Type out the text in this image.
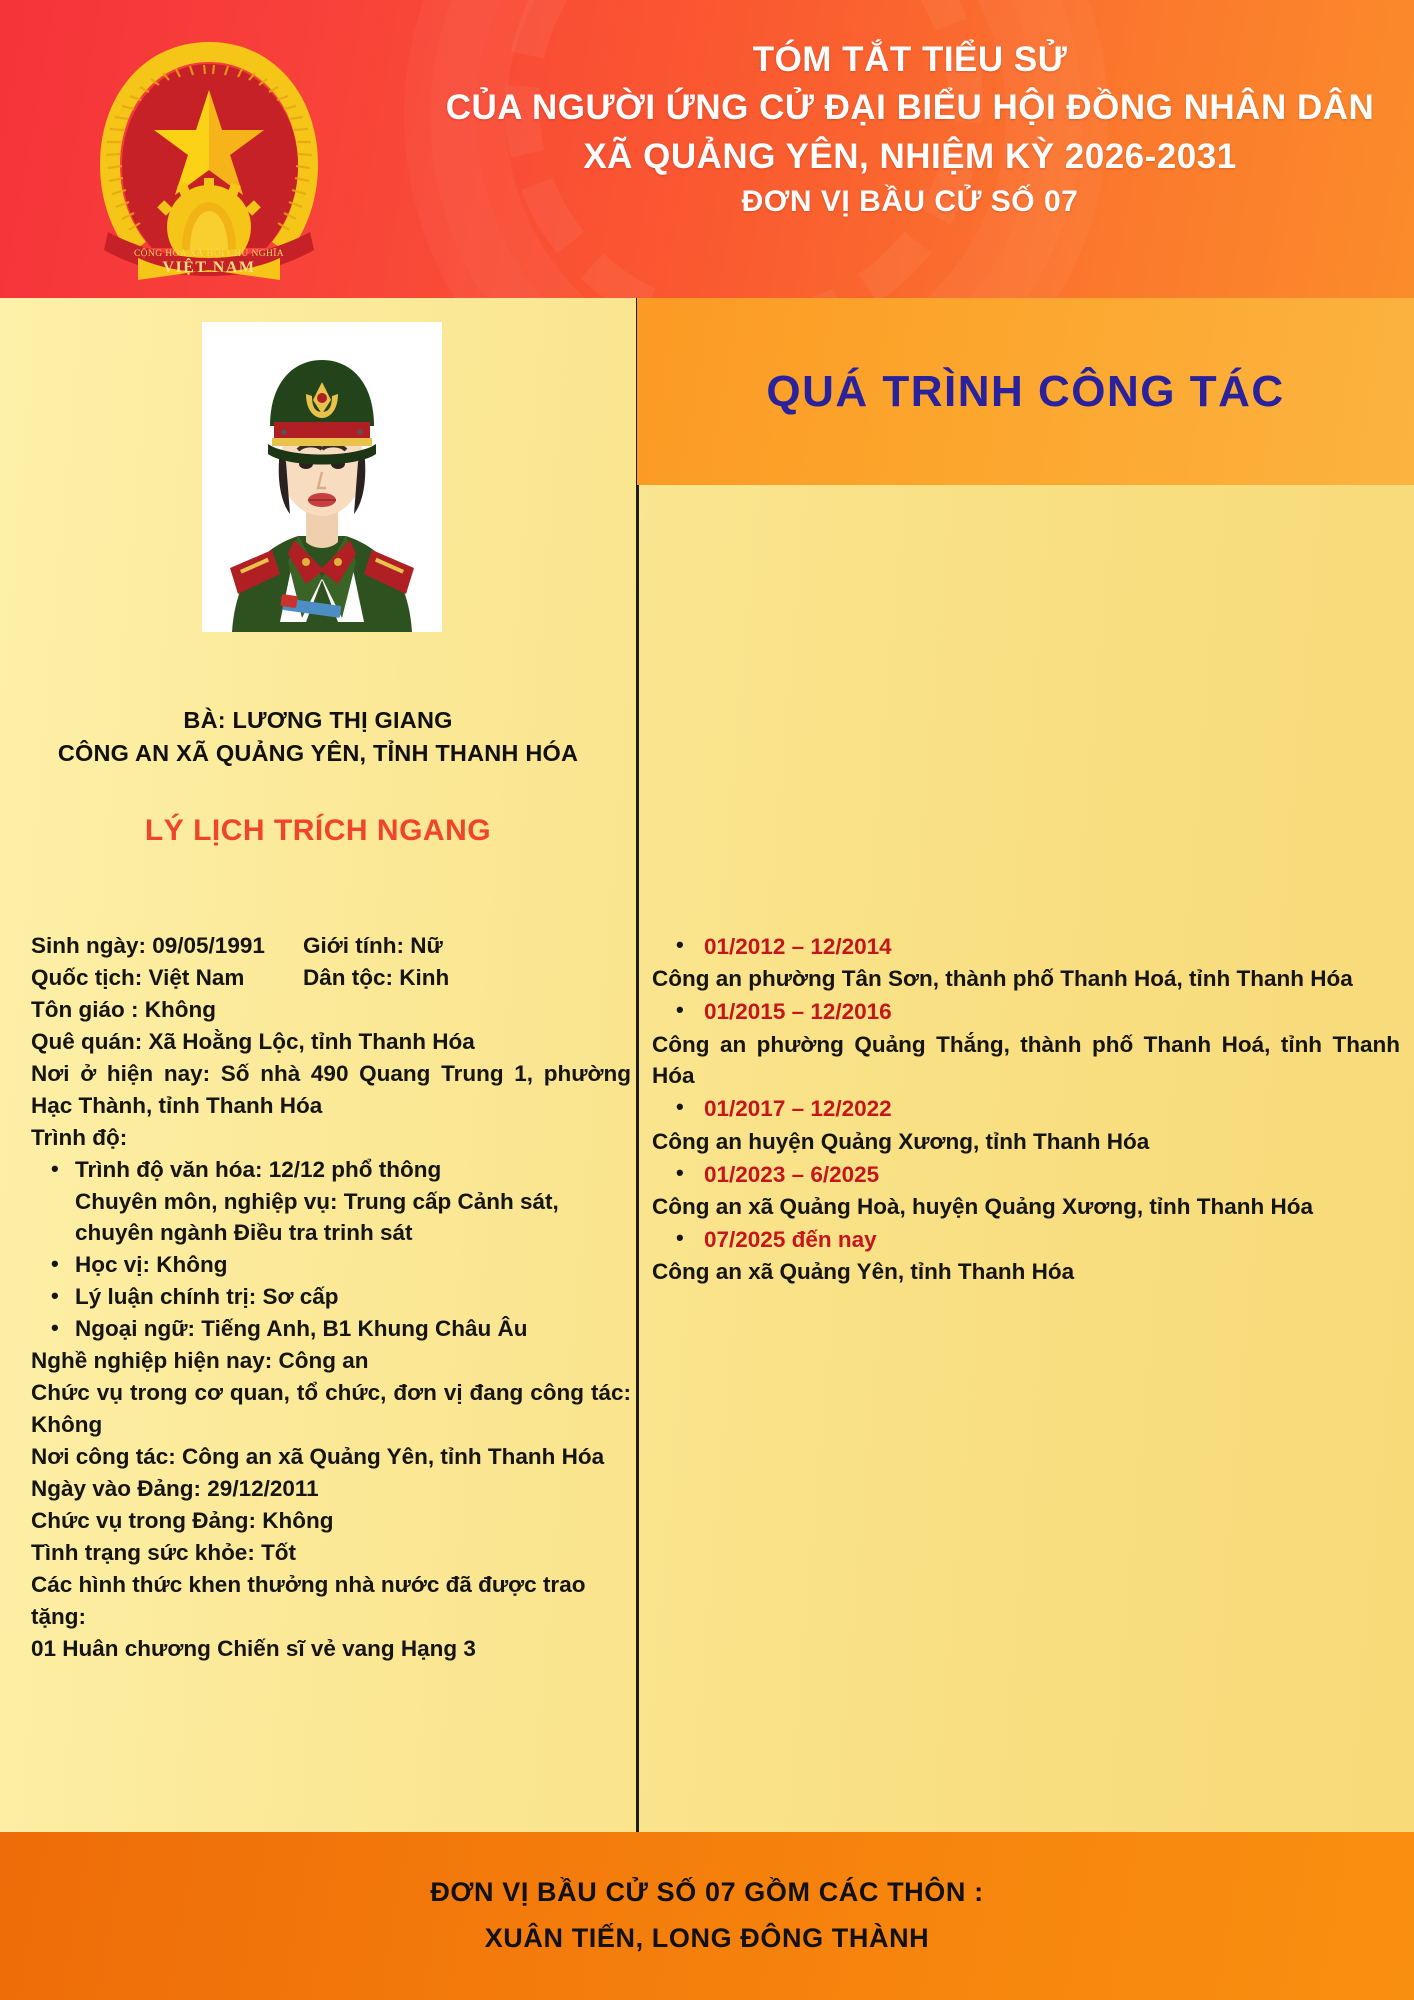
CỘNG HÒA XÃ HỘI CHỦ NGHĨA
VIỆT NAM
TÓM TẮT TIỂU SỬ
CỦA NGƯỜI ỨNG CỬ ĐẠI BIỂU HỘI ĐỒNG NHÂN DÂN
XÃ QUẢNG YÊN, NHIỆM KỲ 2026-2031
ĐƠN VỊ BẦU CỬ SỐ 07
QUÁ TRÌNH CÔNG TÁC
BÀ: LƯƠNG THỊ GIANG
CÔNG AN XÃ QUẢNG YÊN, TỈNH THANH HÓA
LÝ LỊCH TRÍCH NGANG
Sinh ngày: 09/05/1991	Giới tính: Nữ
Quốc tịch: Việt Nam	Dân tộc: Kinh
Tôn giáo : Không
Quê quán: Xã Hoằng Lộc, tỉnh Thanh Hóa
Nơi ở hiện nay: Số nhà 490 Quang Trung 1, phường Hạc Thành, tỉnh Thanh Hóa
Trình độ:
• Trình độ văn hóa: 12/12 phổ thông
Chuyên môn, nghiệp vụ: Trung cấp Cảnh sát, chuyên ngành Điều tra trinh sát
• Học vị: Không
• Lý luận chính trị: Sơ cấp
• Ngoại ngữ: Tiếng Anh, B1 Khung Châu Âu
Nghề nghiệp hiện nay: Công an
Chức vụ trong cơ quan, tổ chức, đơn vị đang công tác: Không
Nơi công tác: Công an xã Quảng Yên, tỉnh Thanh Hóa
Ngày vào Đảng: 29/12/2011
Chức vụ trong Đảng: Không
Tình trạng sức khỏe: Tốt
Các hình thức khen thưởng nhà nước đã được trao tặng:
01 Huân chương Chiến sĩ vẻ vang Hạng 3
• 01/2012 – 12/2014
Công an phường Tân Sơn, thành phố Thanh Hoá, tỉnh Thanh Hóa
• 01/2015 – 12/2016
Công an phường Quảng Thắng, thành phố Thanh Hoá, tỉnh Thanh Hóa
• 01/2017 – 12/2022
Công an huyện Quảng Xương, tỉnh Thanh Hóa
• 01/2023 – 6/2025
Công an xã Quảng Hoà, huyện Quảng Xương, tỉnh Thanh Hóa
• 07/2025 đến nay
Công an xã Quảng Yên, tỉnh Thanh Hóa
ĐƠN VỊ BẦU CỬ SỐ 07 GỒM CÁC THÔN :
XUÂN TIẾN, LONG ĐÔNG THÀNH
